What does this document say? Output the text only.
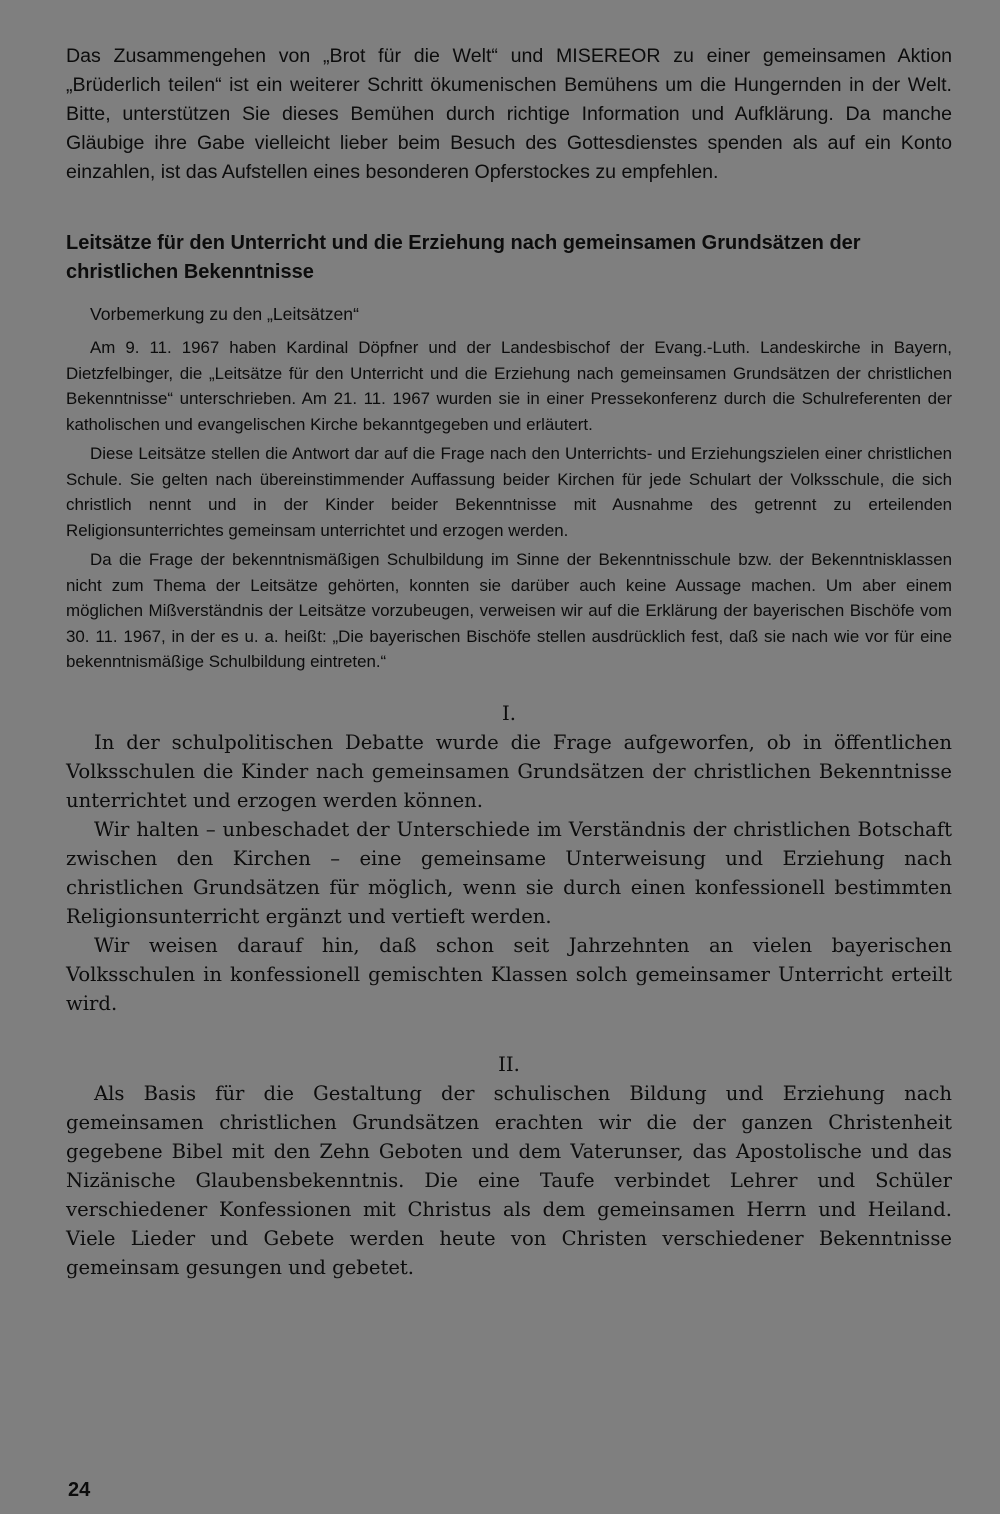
Das Zusammengehen von „Brot für die Welt“ und MISEREOR zu einer gemeinsamen Aktion „Brüderlich teilen“ ist ein weiterer Schritt ökumenischen Bemühens um die Hungernden in der Welt. Bitte, unterstützen Sie dieses Bemühen durch richtige Information und Aufklärung. Da manche Gläubige ihre Gabe vielleicht lieber beim Besuch des Gottesdienstes spenden als auf ein Konto einzahlen, ist das Aufstellen eines besonderen Opferstockes zu empfehlen.

Leitsätze für den Unterricht und die Erziehung nach gemeinsamen Grundsätzen der christlichen Bekenntnisse

Vorbemerkung zu den „Leitsätzen“

Am 9. 11. 1967 haben Kardinal Döpfner und der Landesbischof der Evang.-Luth. Landeskirche in Bayern, Dietzfelbinger, die „Leitsätze für den Unterricht und die Erziehung nach gemeinsamen Grundsätzen der christlichen Bekenntnisse“ unterschrieben. Am 21. 11. 1967 wurden sie in einer Pressekonferenz durch die Schulreferenten der katholischen und evangelischen Kirche bekanntgegeben und erläutert.

Diese Leitsätze stellen die Antwort dar auf die Frage nach den Unterrichts- und Erziehungszielen einer christlichen Schule. Sie gelten nach übereinstimmender Auffassung beider Kirchen für jede Schulart der Volksschule, die sich christlich nennt und in der Kinder beider Bekenntnisse mit Ausnahme des getrennt zu erteilenden Religionsunterrichtes gemeinsam unterrichtet und erzogen werden.

Da die Frage der bekenntnismäßigen Schulbildung im Sinne der Bekenntnisschule bzw. der Bekenntnisklassen nicht zum Thema der Leitsätze gehörten, konnten sie darüber auch keine Aussage machen. Um aber einem möglichen Mißverständnis der Leitsätze vorzubeugen, verweisen wir auf die Erklärung der bayerischen Bischöfe vom 30. 11. 1967, in der es u. a. heißt: „Die bayerischen Bischöfe stellen ausdrücklich fest, daß sie nach wie vor für eine bekenntnismäßige Schulbildung eintreten.“

I.

In der schulpolitischen Debatte wurde die Frage aufgeworfen, ob in öffentlichen Volksschulen die Kinder nach gemeinsamen Grundsätzen der christlichen Bekenntnisse unterrichtet und erzogen werden können.

Wir halten – unbeschadet der Unterschiede im Verständnis der christlichen Botschaft zwischen den Kirchen – eine gemeinsame Unterweisung und Erziehung nach christlichen Grundsätzen für möglich, wenn sie durch einen konfessionell bestimmten Religionsunterricht ergänzt und vertieft werden.

Wir weisen darauf hin, daß schon seit Jahrzehnten an vielen bayerischen Volksschulen in konfessionell gemischten Klassen solch gemeinsamer Unterricht erteilt wird.

II.

Als Basis für die Gestaltung der schulischen Bildung und Erziehung nach gemeinsamen christlichen Grundsätzen erachten wir die der ganzen Christenheit gegebene Bibel mit den Zehn Geboten und dem Vaterunser, das Apostolische und das Nizänische Glaubensbekenntnis. Die eine Taufe verbindet Lehrer und Schüler verschiedener Konfessionen mit Christus als dem gemeinsamen Herrn und Heiland. Viele Lieder und Gebete werden heute von Christen verschiedener Bekenntnisse gemeinsam gesungen und gebetet.

24
